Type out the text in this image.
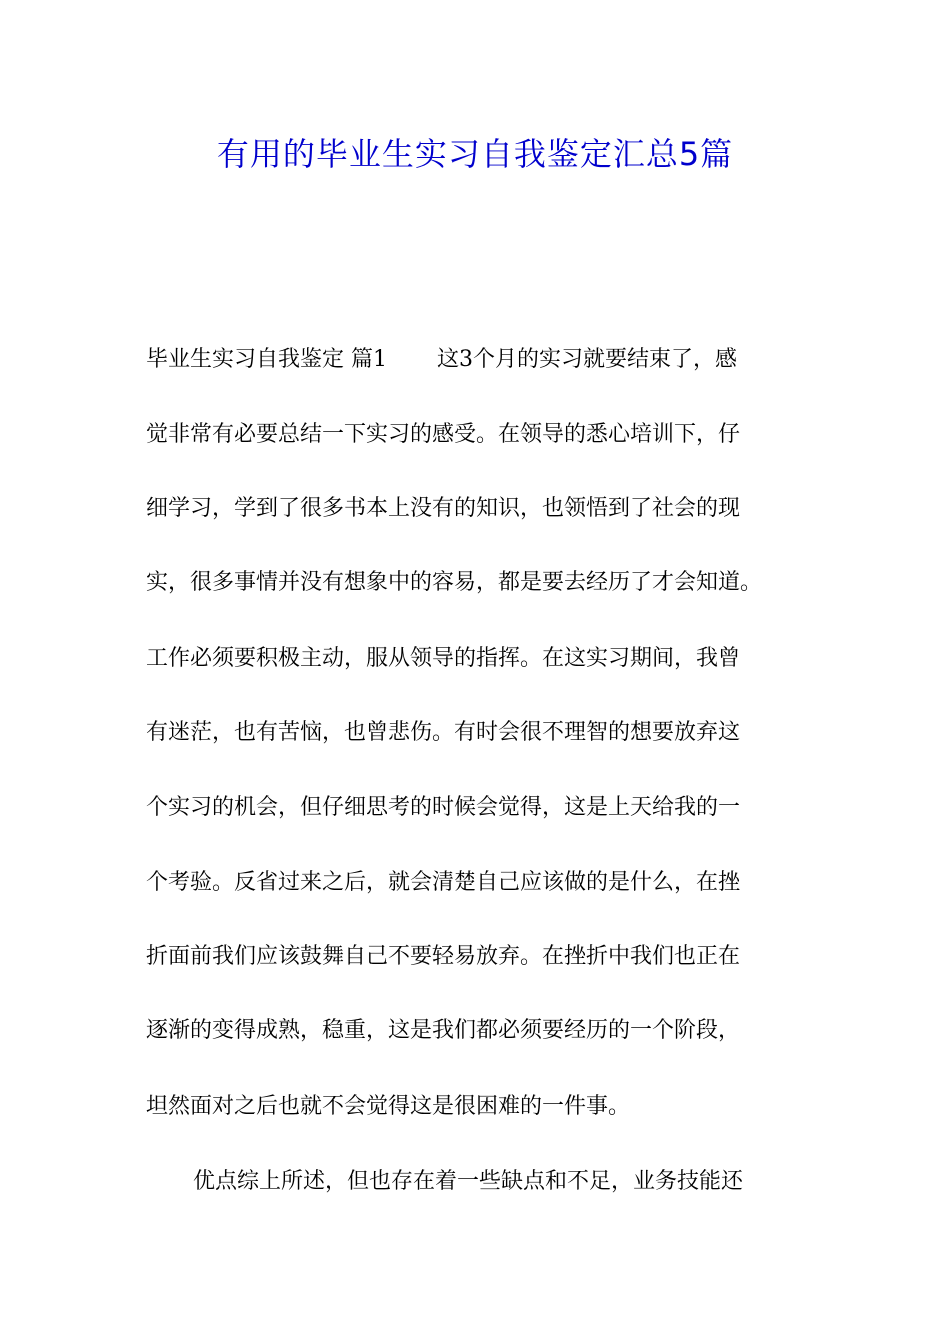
有用的毕业生实习自我鉴定汇总5篇

毕业生实习自我鉴定 篇1 这3个月的实习就要结束了，感

觉非常有必要总结一下实习的感受。在领导的悉心培训下，仔

细学习，学到了很多书本上没有的知识，也领悟到了社会的现

实，很多事情并没有想象中的容易，都是要去经历了才会知道。

工作必须要积极主动，服从领导的指挥。在这实习期间，我曾

有迷茫，也有苦恼，也曾悲伤。有时会很不理智的想要放弃这

个实习的机会，但仔细思考的时候会觉得，这是上天给我的一

个考验。反省过来之后，就会清楚自己应该做的是什么，在挫

折面前我们应该鼓舞自己不要轻易放弃。在挫折中我们也正在

逐渐的变得成熟，稳重，这是我们都必须要经历的一个阶段，

坦然面对之后也就不会觉得这是很困难的一件事。

优点综上所述，但也存在着一些缺点和不足，业务技能还
